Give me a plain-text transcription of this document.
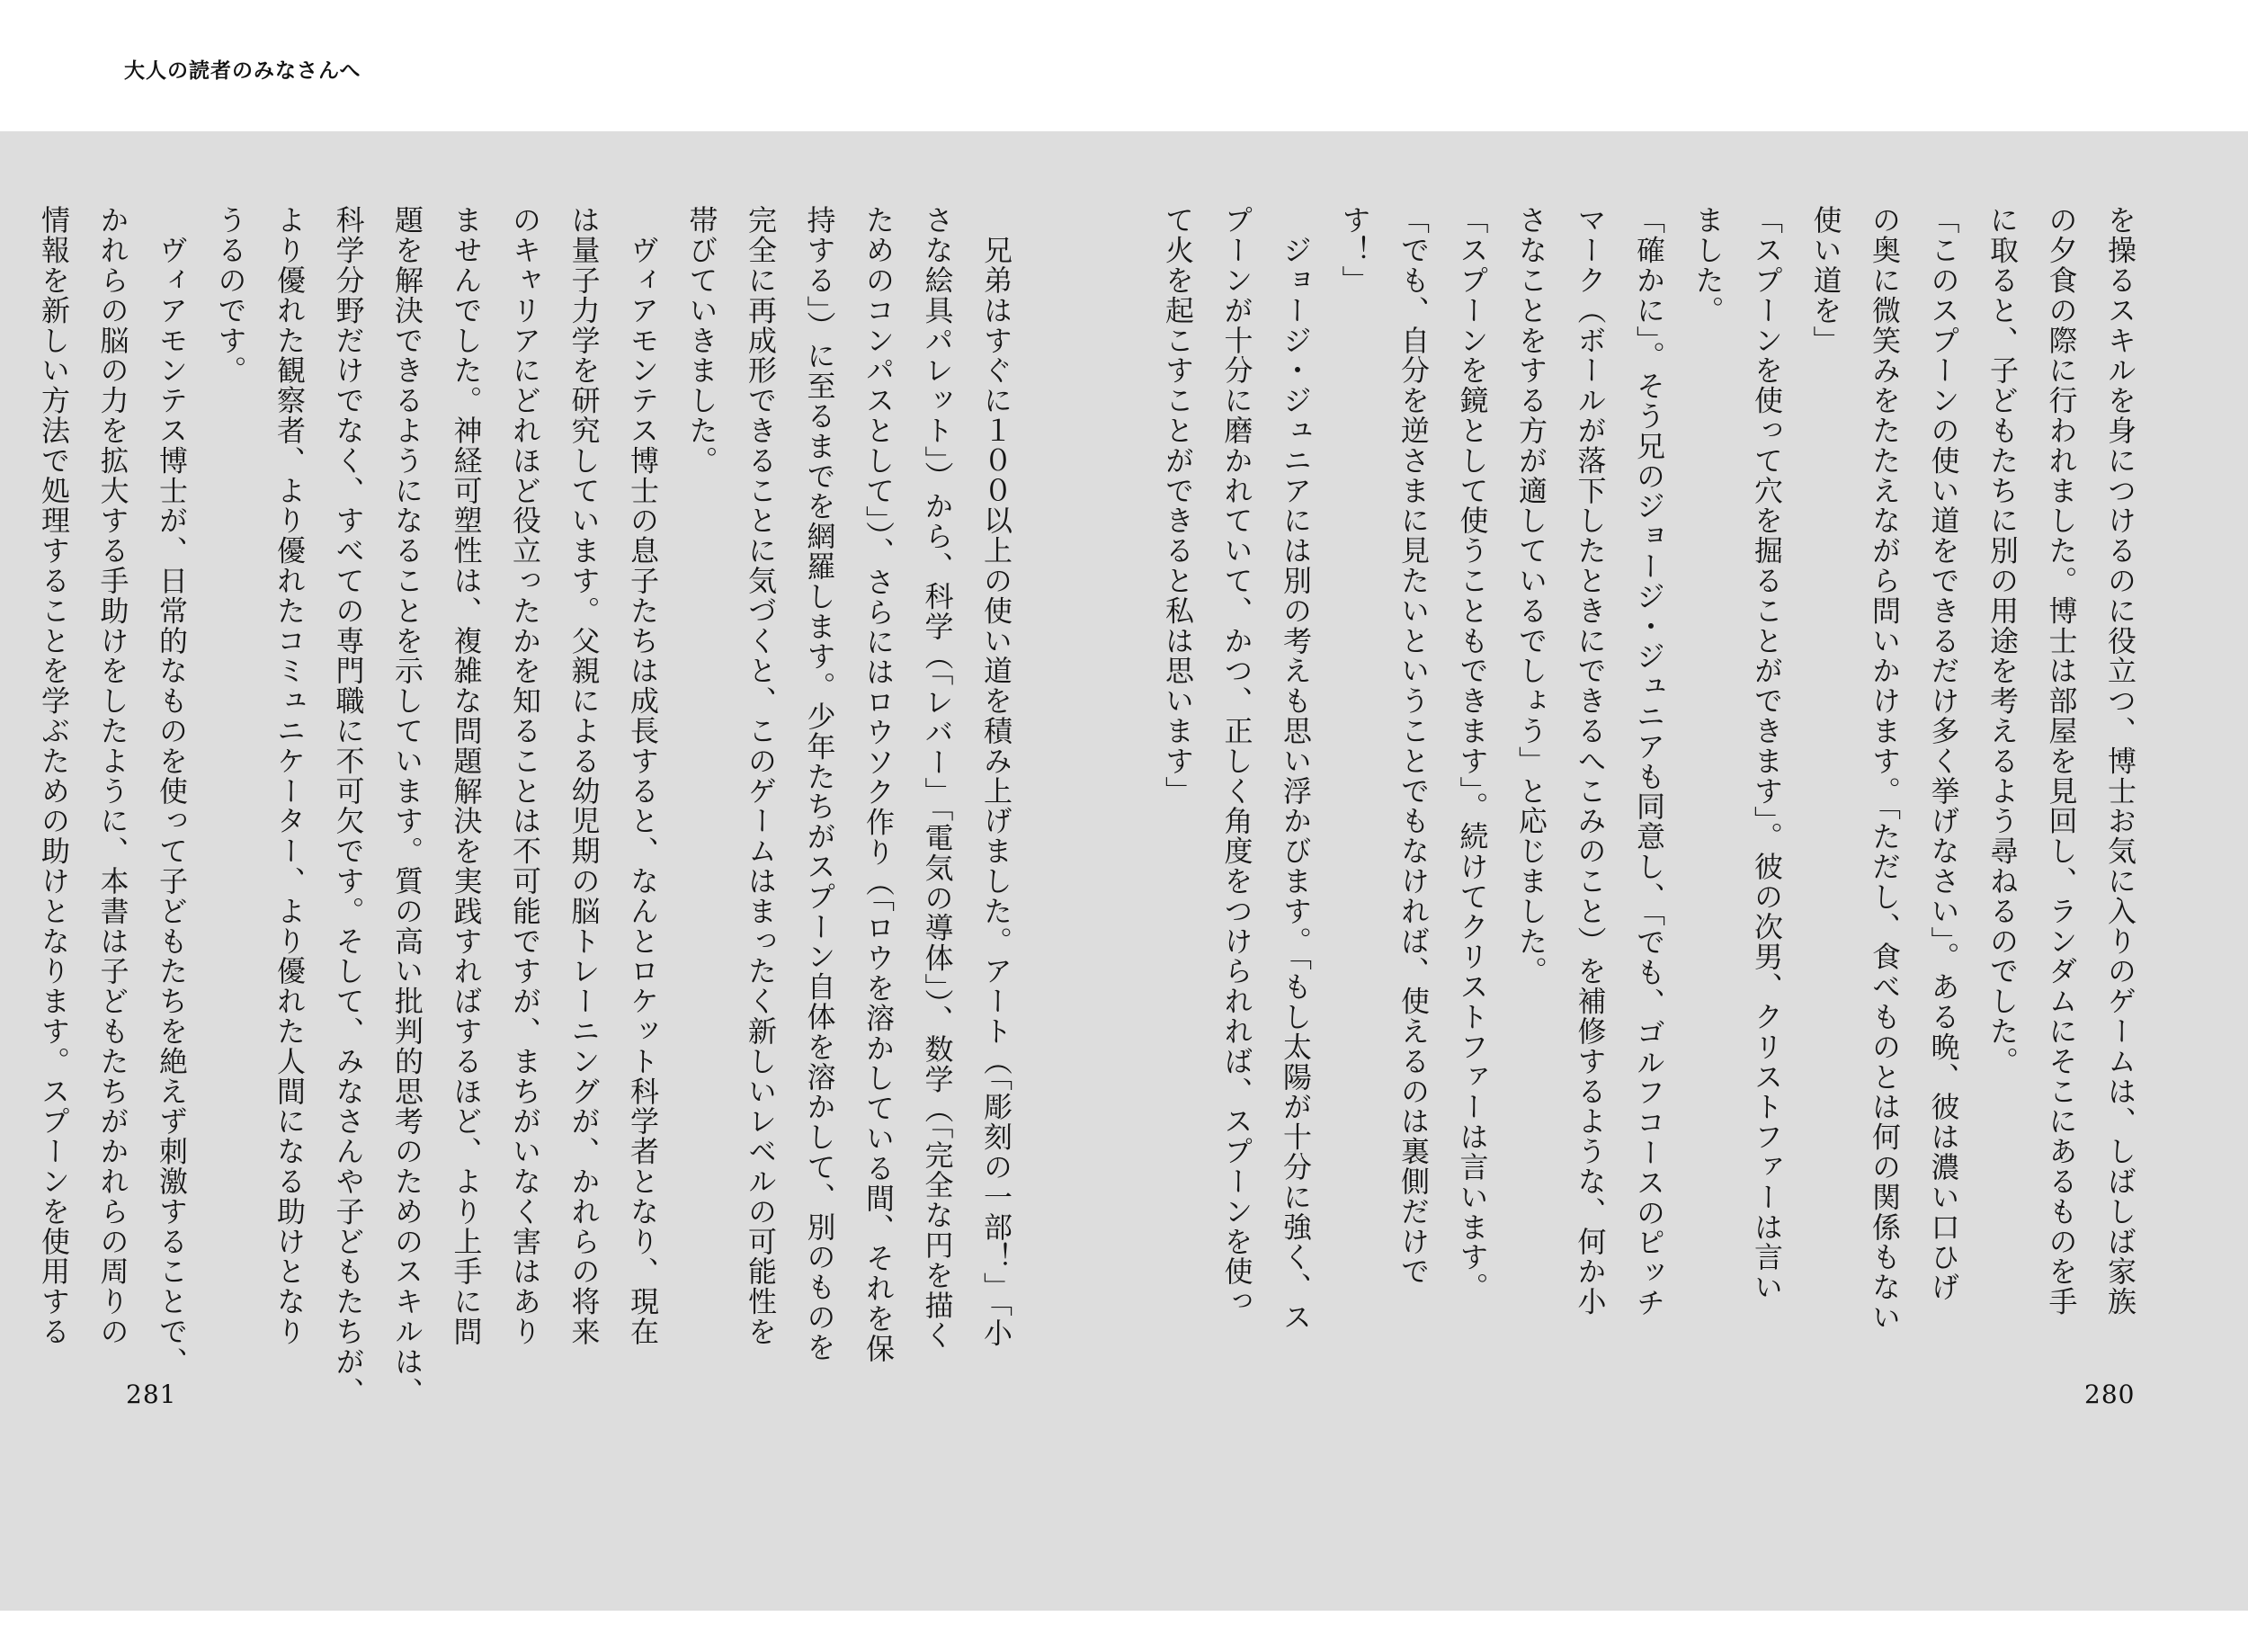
大人の読者のみなさんへ

を操るスキルを身につけるのに役立つ、博士お気に入りのゲームは、しばしば家族
の夕食の際に行われました。博士は部屋を見回し、ランダムにそこにあるものを手
に取ると、子どもたちに別の用途を考えるよう尋ねるのでした。

「このスプーンの使い道をできるだけ多く挙げなさい」。ある晩、彼は濃い口ひげ
の奥に微笑みをたたえながら問いかけます。「ただし、食べものとは何の関係もない
使い道を」

「スプーンを使って穴を掘ることができます」。彼の次男、クリストファーは言い
ました。

「確かに」。そう兄のジョージ・ジュニアも同意し、「でも、ゴルフコースのピッチ
マーク（ボールが落下したときにできるへこみのこと）を補修するような、何か小
さなことをする方が適しているでしょう」と応じました。

「スプーンを鏡として使うこともできます」。続けてクリストファーは言います。
「でも、自分を逆さまに見たいということでもなければ、使えるのは裏側だけで
す！」

　ジョージ・ジュニアには別の考えも思い浮かびます。「もし太陽が十分に強く、ス
プーンが十分に磨かれていて、かつ、正しく角度をつけられれば、スプーンを使っ
て火を起こすことができると私は思います」

　兄弟はすぐに１００以上の使い道を積み上げました。アート（「彫刻の一部！」「小
さな絵具パレット」）から、科学（「レバー」「電気の導体」）、数学（「完全な円を描く
ためのコンパスとして」）、さらにはロウソク作り（「ロウを溶かしている間、それを保
持する」）に至るまでを網羅します。少年たちがスプーン自体を溶かして、別のものを
完全に再成形できることに気づくと、このゲームはまったく新しいレベルの可能性を
帯びていきました。

　ヴィアモンテス博士の息子たちは成長すると、なんとロケット科学者となり、現在
は量子力学を研究しています。父親による幼児期の脳トレーニングが、かれらの将来
のキャリアにどれほど役立ったかを知ることは不可能ですが、まちがいなく害はあり
ませんでした。神経可塑性は、複雑な問題解決を実践すればするほど、より上手に問
題を解決できるようになることを示しています。質の高い批判的思考のためのスキルは、
科学分野だけでなく、すべての専門職に不可欠です。そして、みなさんや子どもたちが、
より優れた観察者、より優れたコミュニケーター、より優れた人間になる助けとなり
うるのです。

　ヴィアモンテス博士が、日常的なものを使って子どもたちを絶えず刺激することで、
かれらの脳の力を拡大する手助けをしたように、本書は子どもたちがかれらの周りの
情報を新しい方法で処理することを学ぶための助けとなります。スプーンを使用する

281	280
